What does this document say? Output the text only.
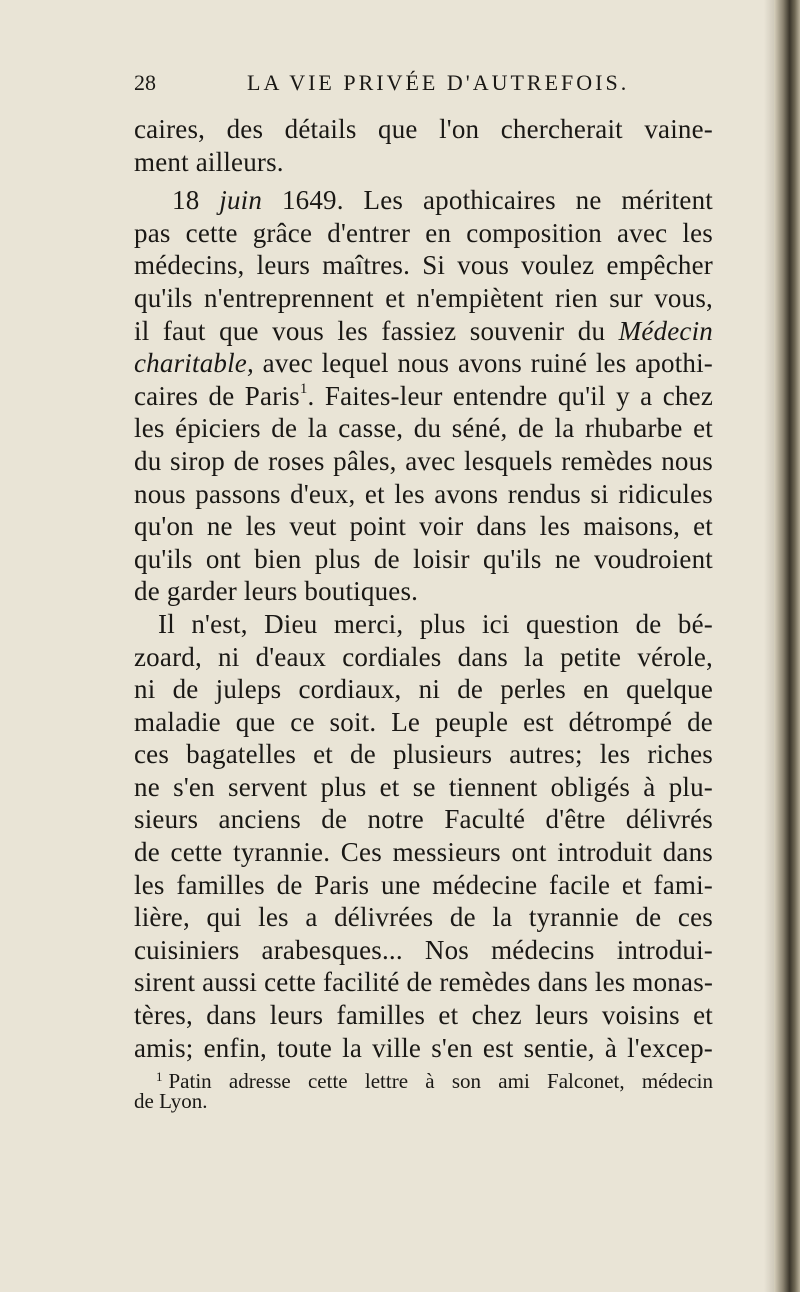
28	LA VIE PRIVÉE D'AUTREFOIS.
caires, des détails que l'on chercherait vaine-
ment ailleurs.
18 juin 1649. Les apothicaires ne méritent
pas cette grâce d'entrer en composition avec les
médecins, leurs maîtres. Si vous voulez empêcher
qu'ils n'entreprennent et n'empiètent rien sur vous,
il faut que vous les fassiez souvenir du Médecin
charitable, avec lequel nous avons ruiné les apothi-
caires de Paris$^1$. Faites-leur entendre qu'il y a chez
les épiciers de la casse, du séné, de la rhubarbe et
du sirop de roses pâles, avec lesquels remèdes nous
nous passons d'eux, et les avons rendus si ridicules
qu'on ne les veut point voir dans les maisons, et
qu'ils ont bien plus de loisir qu'ils ne voudroient
de garder leurs boutiques.
Il n'est, Dieu merci, plus ici question de bé-
zoard, ni d'eaux cordiales dans la petite vérole,
ni de juleps cordiaux, ni de perles en quelque
maladie que ce soit. Le peuple est détrompé de
ces bagatelles et de plusieurs autres; les riches
ne s'en servent plus et se tiennent obligés à plu-
sieurs anciens de notre Faculté d'être délivrés
de cette tyrannie. Ces messieurs ont introduit dans
les familles de Paris une médecine facile et fami-
lière, qui les a délivrées de la tyrannie de ces
cuisiniers arabesques... Nos médecins introdui-
sirent aussi cette facilité de remèdes dans les monas-
tères, dans leurs familles et chez leurs voisins et
amis; enfin, toute la ville s'en est sentie, à l'excep-
$^1$ Patin adresse cette lettre à son ami Falconet, médecin
de Lyon.
